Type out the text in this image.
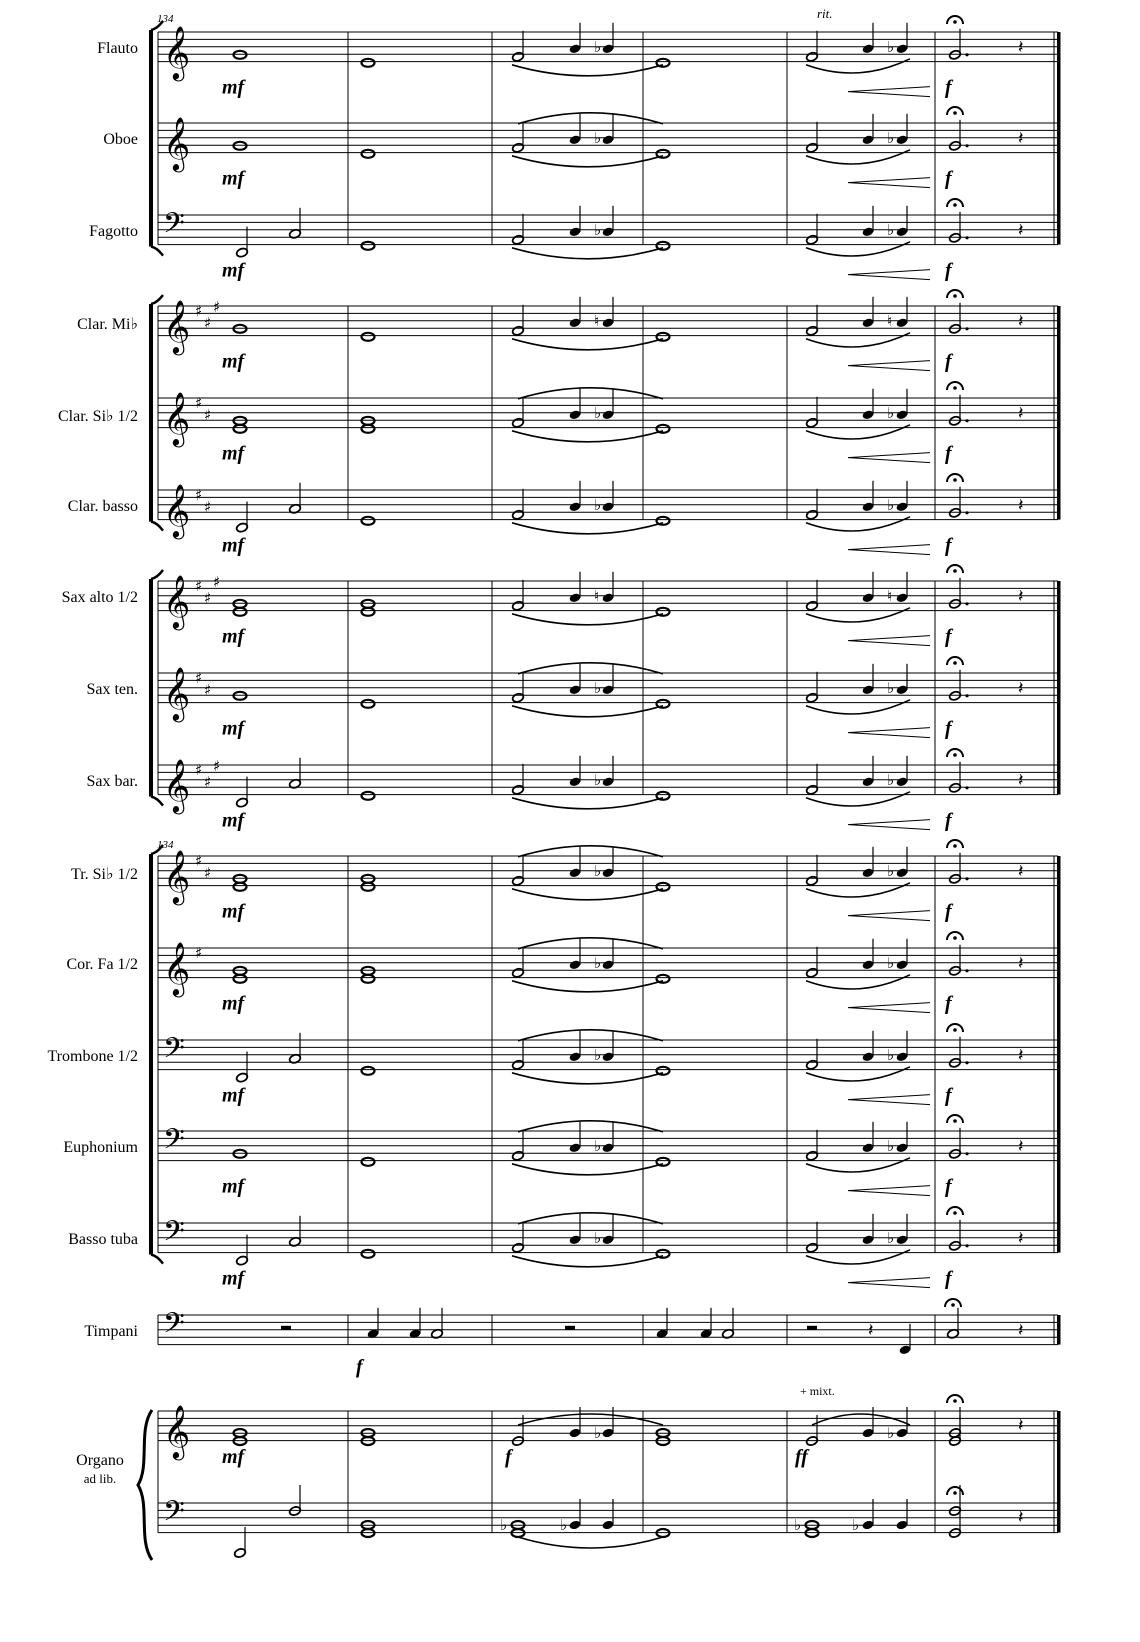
𝄞
𝄞
𝄢
𝄞
𝄞
𝄞
𝄞
𝄞
𝄞
𝄞
𝄞
𝄢
𝄢
𝄢
𝄢
𝄞
𝄢
♯
♯
♯
♯
♯
♯
♯
♯
♯
♯
♯
♯
♯
♯
♯
♯
♯
♯
♭	♭	𝄽
mf	f
♭	♭	𝄽
mf	f
♭	♭	𝄽
mf	f
♮	♮	𝄽
mf	f
♭	♭	𝄽
mf	f
♭	♭	𝄽
mf	f
♮	♮	𝄽
mf	f
♭	♭	𝄽
mf	f
♭	♭	𝄽
mf	f
♭	♭	𝄽
mf	f
♭	♭	𝄽
mf	f
♭	♭	𝄽
mf	f
♭	♭	𝄽
mf	f
♭	♭	𝄽
mf	f
𝄽	𝄽
f
♭	♭	𝄽
♭	♭	♭	♭	𝄽
mf	f	ff
+ mixt.
134
134
rit.
Flauto
Oboe
Fagotto
Clar. Mi♭
Clar. Si♭ 1/2
Clar. basso
Sax alto 1/2
Sax ten.
Sax bar.
Tr. Si♭ 1/2
Cor. Fa 1/2
Trombone 1/2
Euphonium
Basso tuba
Timpani
Organo
ad lib.
